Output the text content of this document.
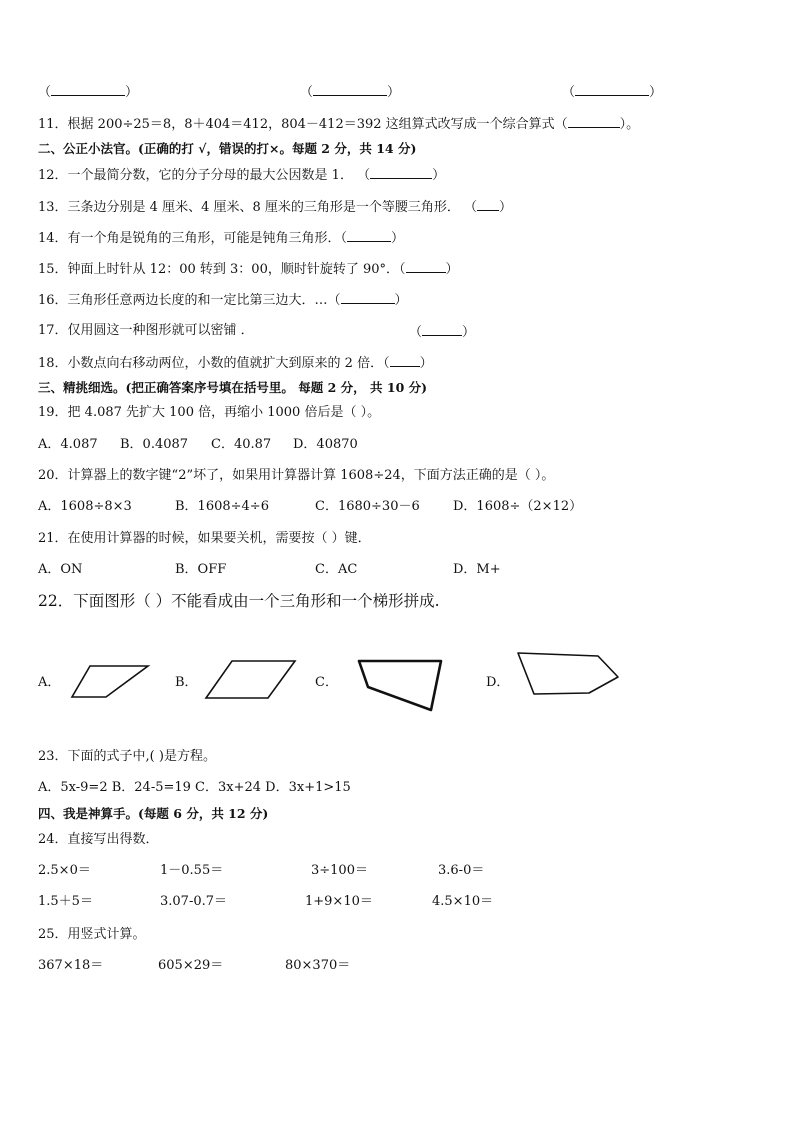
（	）	（	）	（	）
11．根据 200÷25＝8，8＋404＝412，804－412＝392 这组算式改写成一个综合算式（	）。
二、公正小法官。(正确的打 √，错误的打×。每题 2 分，共 14 分)
12．一个最简分数，它的分子分母的最大公因数是 1． （	）
13．三条边分别是 4 厘米、4 厘米、8 厘米的三角形是一个等腰三角形． （ ）
14．有一个角是锐角的三角形，可能是钝角三角形．（	）
15．钟面上时针从 12：00 转到 3：00，顺时针旋转了 90°．（	）
16．三角形任意两边长度的和一定比第三边大．…（	）
17．仅用圆这一种图形就可以密铺 ．	（	）
18．小数点向右移动两位，小数的值就扩大到原来的 2 倍．（ ）
三、精挑细选。(把正确答案序号填在括号里。 每题 2 分， 共 10 分)
19．把 4.087 先扩大 100 倍，再缩小 1000 倍后是（ ）。
A．4.087 B．0.4087 C．40.87 D．40870
20．计算器上的数字键“2”坏了，如果用计算器计算 1608÷24，下面方法正确的是（ ）。
A．1608÷8×3	B．1608÷4÷6	C．1680÷30－6	D．1608÷（2×12）
21．在使用计算器的时候，如果要关机，需要按（ ）键．
A．ON	B．OFF	C．AC	D．M+
22．下面图形（ ）不能看成由一个三角形和一个梯形拼成.
A．	B．	C．	D．
23．下面的式子中,( )是方程。
A．5x-9=2 B．24-5=19 C．3x+24 D．3x+1>15
四、我是神算手。(每题 6 分，共 12 分)
24．直接写出得数．
2.5×0＝	1－0.55＝	3÷100＝	3.6-0＝
1.5＋5＝	3.07-0.7＝	1+9×10＝	4.5×10＝
25．用竖式计算。
367×18＝	605×29＝	80×370＝
